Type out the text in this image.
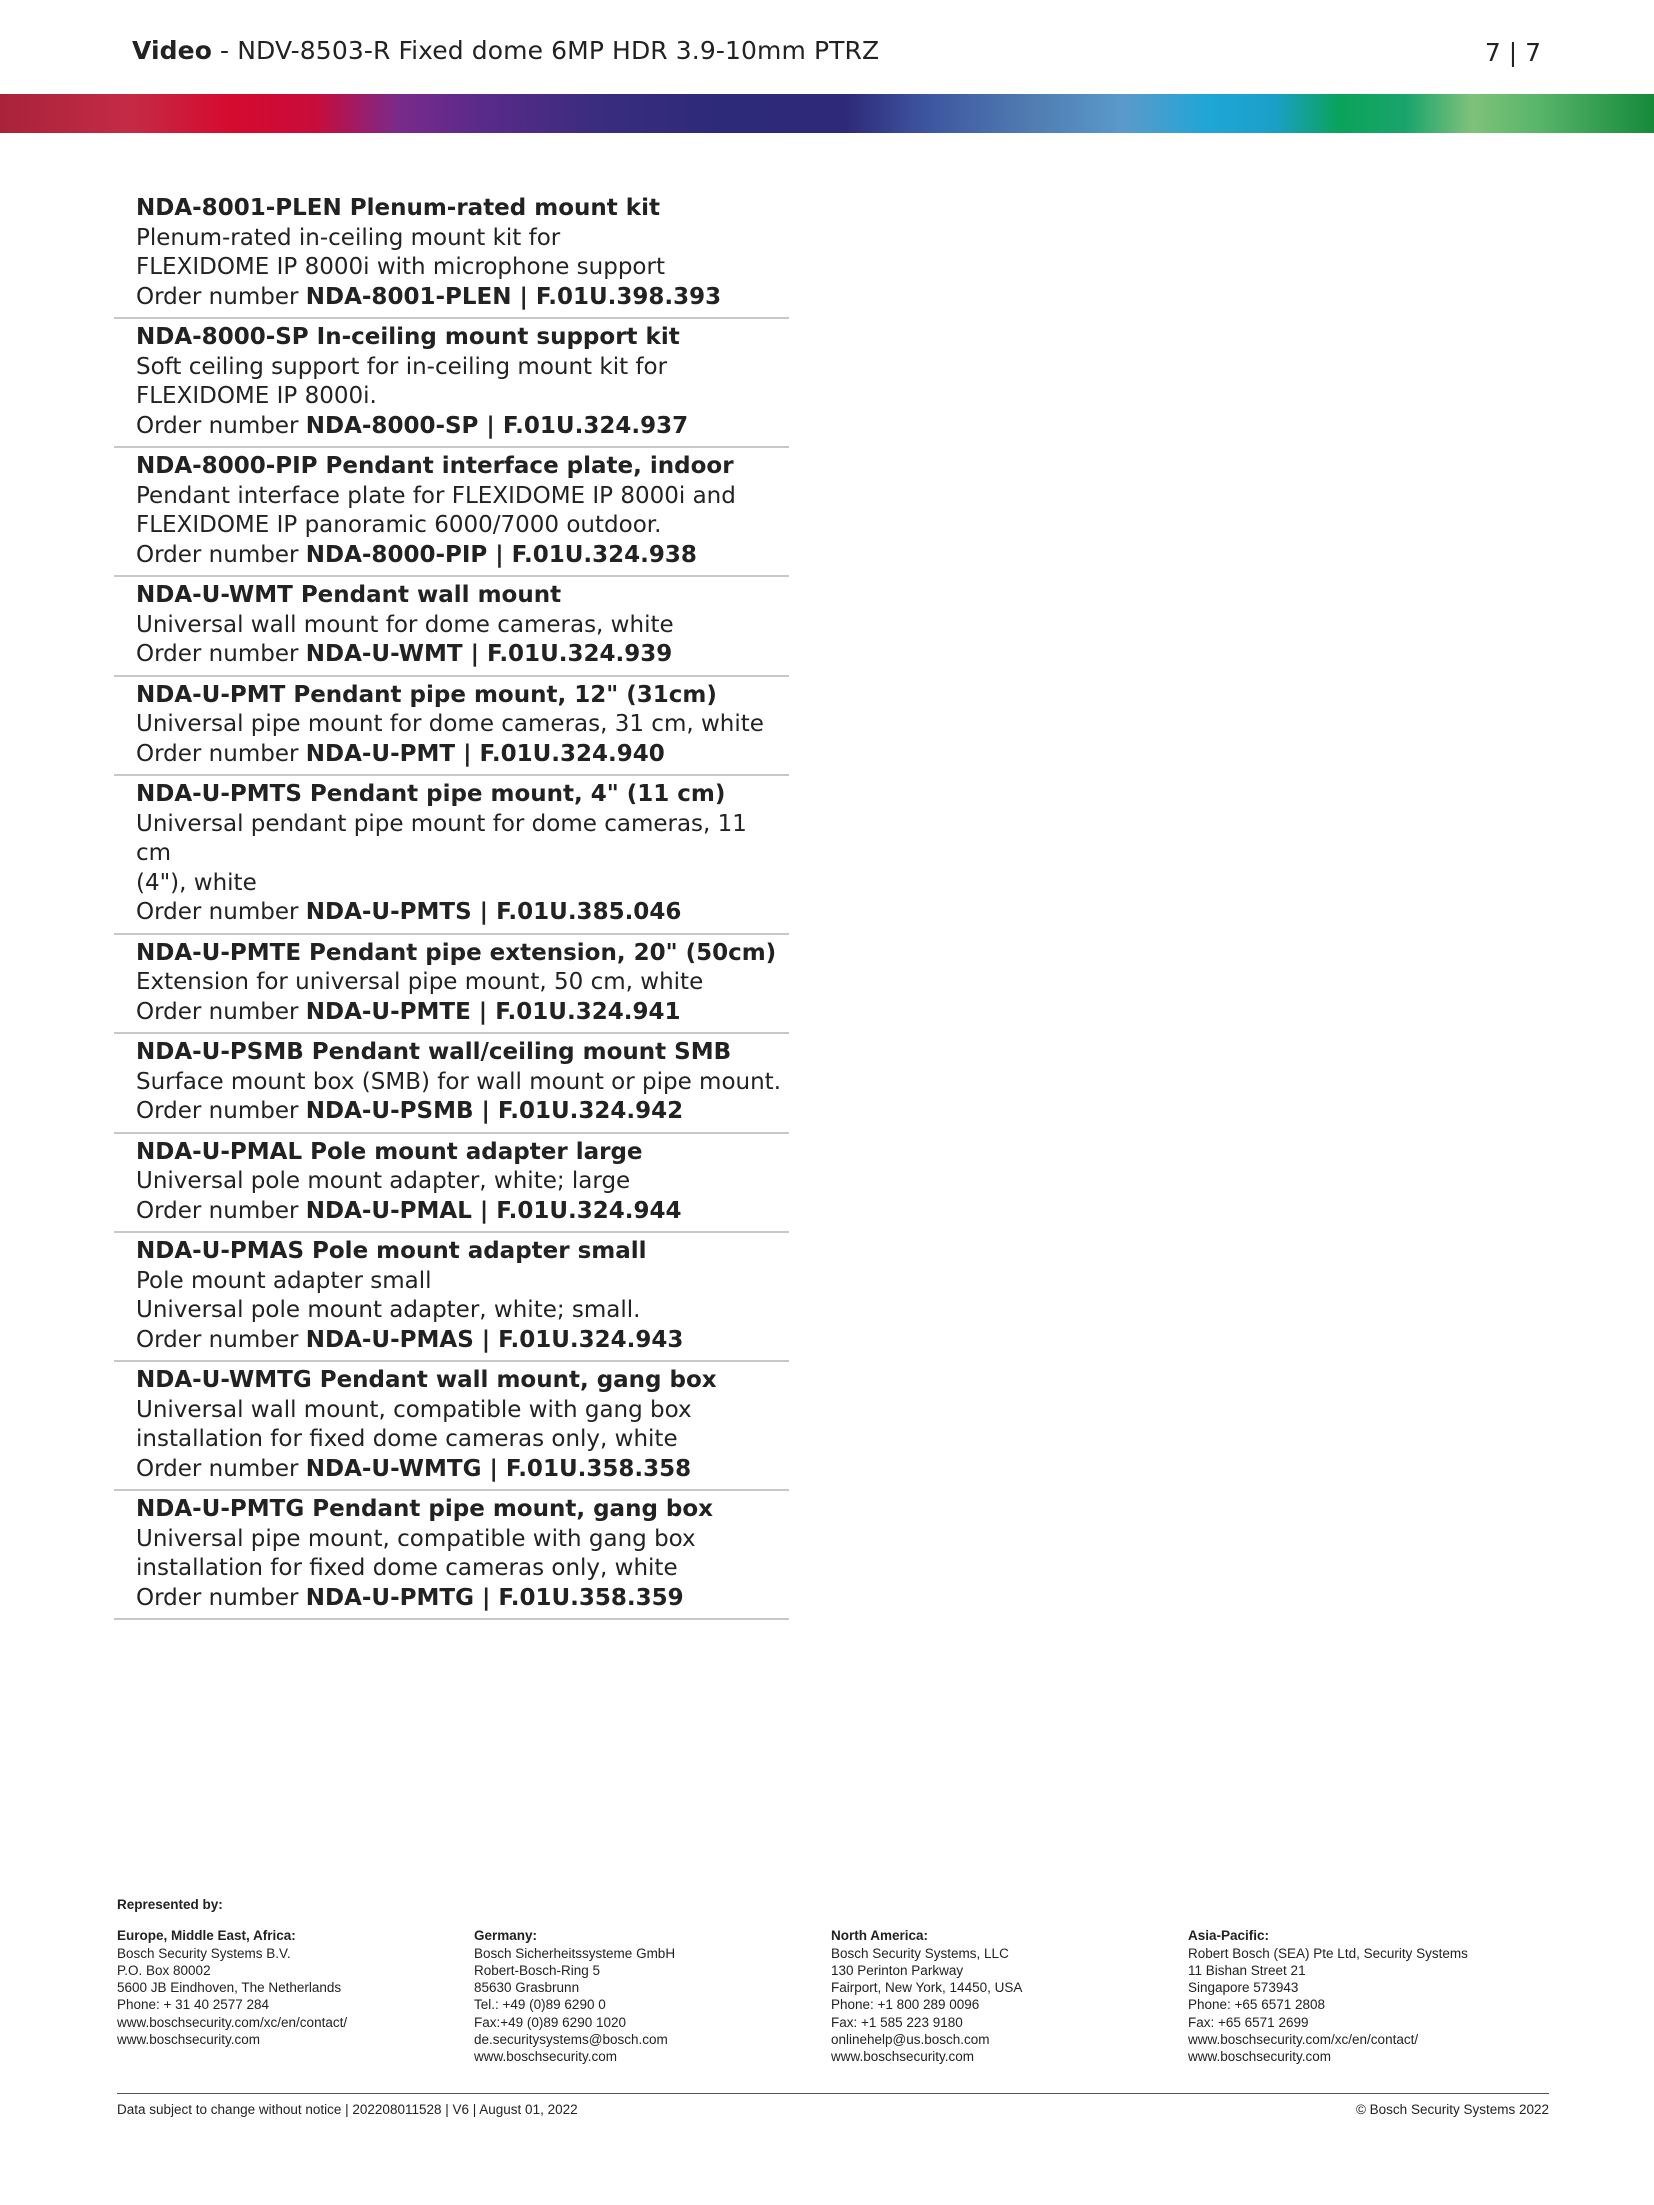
Video - NDV-8503-R Fixed dome 6MP HDR 3.9-10mm PTRZ	7 | 7
NDA-8001-PLEN Plenum-rated mount kit
Plenum-rated in-ceiling mount kit for
FLEXIDOME IP 8000i with microphone support
Order number NDA-8001-PLEN | F.01U.398.393
NDA-8000-SP In-ceiling mount support kit
Soft ceiling support for in-ceiling mount kit for
FLEXIDOME IP 8000i.
Order number NDA-8000-SP | F.01U.324.937
NDA-8000-PIP Pendant interface plate, indoor
Pendant interface plate for FLEXIDOME IP 8000i and
FLEXIDOME IP panoramic 6000/7000 outdoor.
Order number NDA-8000-PIP | F.01U.324.938
NDA-U-WMT Pendant wall mount
Universal wall mount for dome cameras, white
Order number NDA-U-WMT | F.01U.324.939
NDA-U-PMT Pendant pipe mount, 12" (31cm)
Universal pipe mount for dome cameras, 31 cm, white
Order number NDA-U-PMT | F.01U.324.940
NDA-U-PMTS Pendant pipe mount, 4" (11 cm)
Universal pendant pipe mount for dome cameras, 11 cm
(4"), white
Order number NDA-U-PMTS | F.01U.385.046
NDA-U-PMTE Pendant pipe extension, 20" (50cm)
Extension for universal pipe mount, 50 cm, white
Order number NDA-U-PMTE | F.01U.324.941
NDA-U-PSMB Pendant wall/ceiling mount SMB
Surface mount box (SMB) for wall mount or pipe mount.
Order number NDA-U-PSMB | F.01U.324.942
NDA-U-PMAL Pole mount adapter large
Universal pole mount adapter, white; large
Order number NDA-U-PMAL | F.01U.324.944
NDA-U-PMAS Pole mount adapter small
Pole mount adapter small
Universal pole mount adapter, white; small.
Order number NDA-U-PMAS | F.01U.324.943
NDA-U-WMTG Pendant wall mount, gang box
Universal wall mount, compatible with gang box
installation for fixed dome cameras only, white
Order number NDA-U-WMTG | F.01U.358.358
NDA-U-PMTG Pendant pipe mount, gang box
Universal pipe mount, compatible with gang box
installation for fixed dome cameras only, white
Order number NDA-U-PMTG | F.01U.358.359
Represented by:
Europe, Middle East, Africa:
Bosch Security Systems B.V.
P.O. Box 80002
5600 JB Eindhoven, The Netherlands
Phone: + 31 40 2577 284
www.boschsecurity.com/xc/en/contact/
www.boschsecurity.com
Germany:
Bosch Sicherheitssysteme GmbH
Robert-Bosch-Ring 5
85630 Grasbrunn
Tel.: +49 (0)89 6290 0
Fax:+49 (0)89 6290 1020
de.securitysystems@bosch.com
www.boschsecurity.com
North America:
Bosch Security Systems, LLC
130 Perinton Parkway
Fairport, New York, 14450, USA
Phone: +1 800 289 0096
Fax: +1 585 223 9180
onlinehelp@us.bosch.com
www.boschsecurity.com
Asia-Pacific:
Robert Bosch (SEA) Pte Ltd, Security Systems
11 Bishan Street 21
Singapore 573943
Phone: +65 6571 2808
Fax: +65 6571 2699
www.boschsecurity.com/xc/en/contact/
www.boschsecurity.com
Data subject to change without notice | 202208011528 | V6 | August 01, 2022	© Bosch Security Systems 2022
